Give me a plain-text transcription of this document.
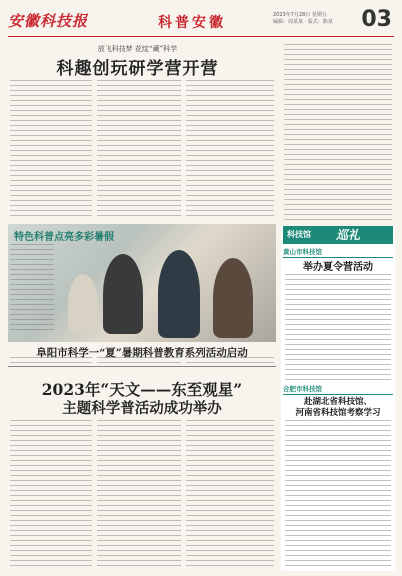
安徽科技报	科普安徽	2023年7月28日 星期五
编辑：周某某 · 版式：陈某 03
放飞科技梦 花绽“藏”科学
科趣创玩研学营开营
特色科普点亮多彩暑假
阜阳市科学一“夏”暑期科普教育系列活动启动
2023年“天文——东至观星”
主题科学普活动成功举办
科技馆 巡礼
黄山市科技馆
举办夏令营活动
合肥市科技馆
赴湖北省科技馆、
河南省科技馆考察学习
